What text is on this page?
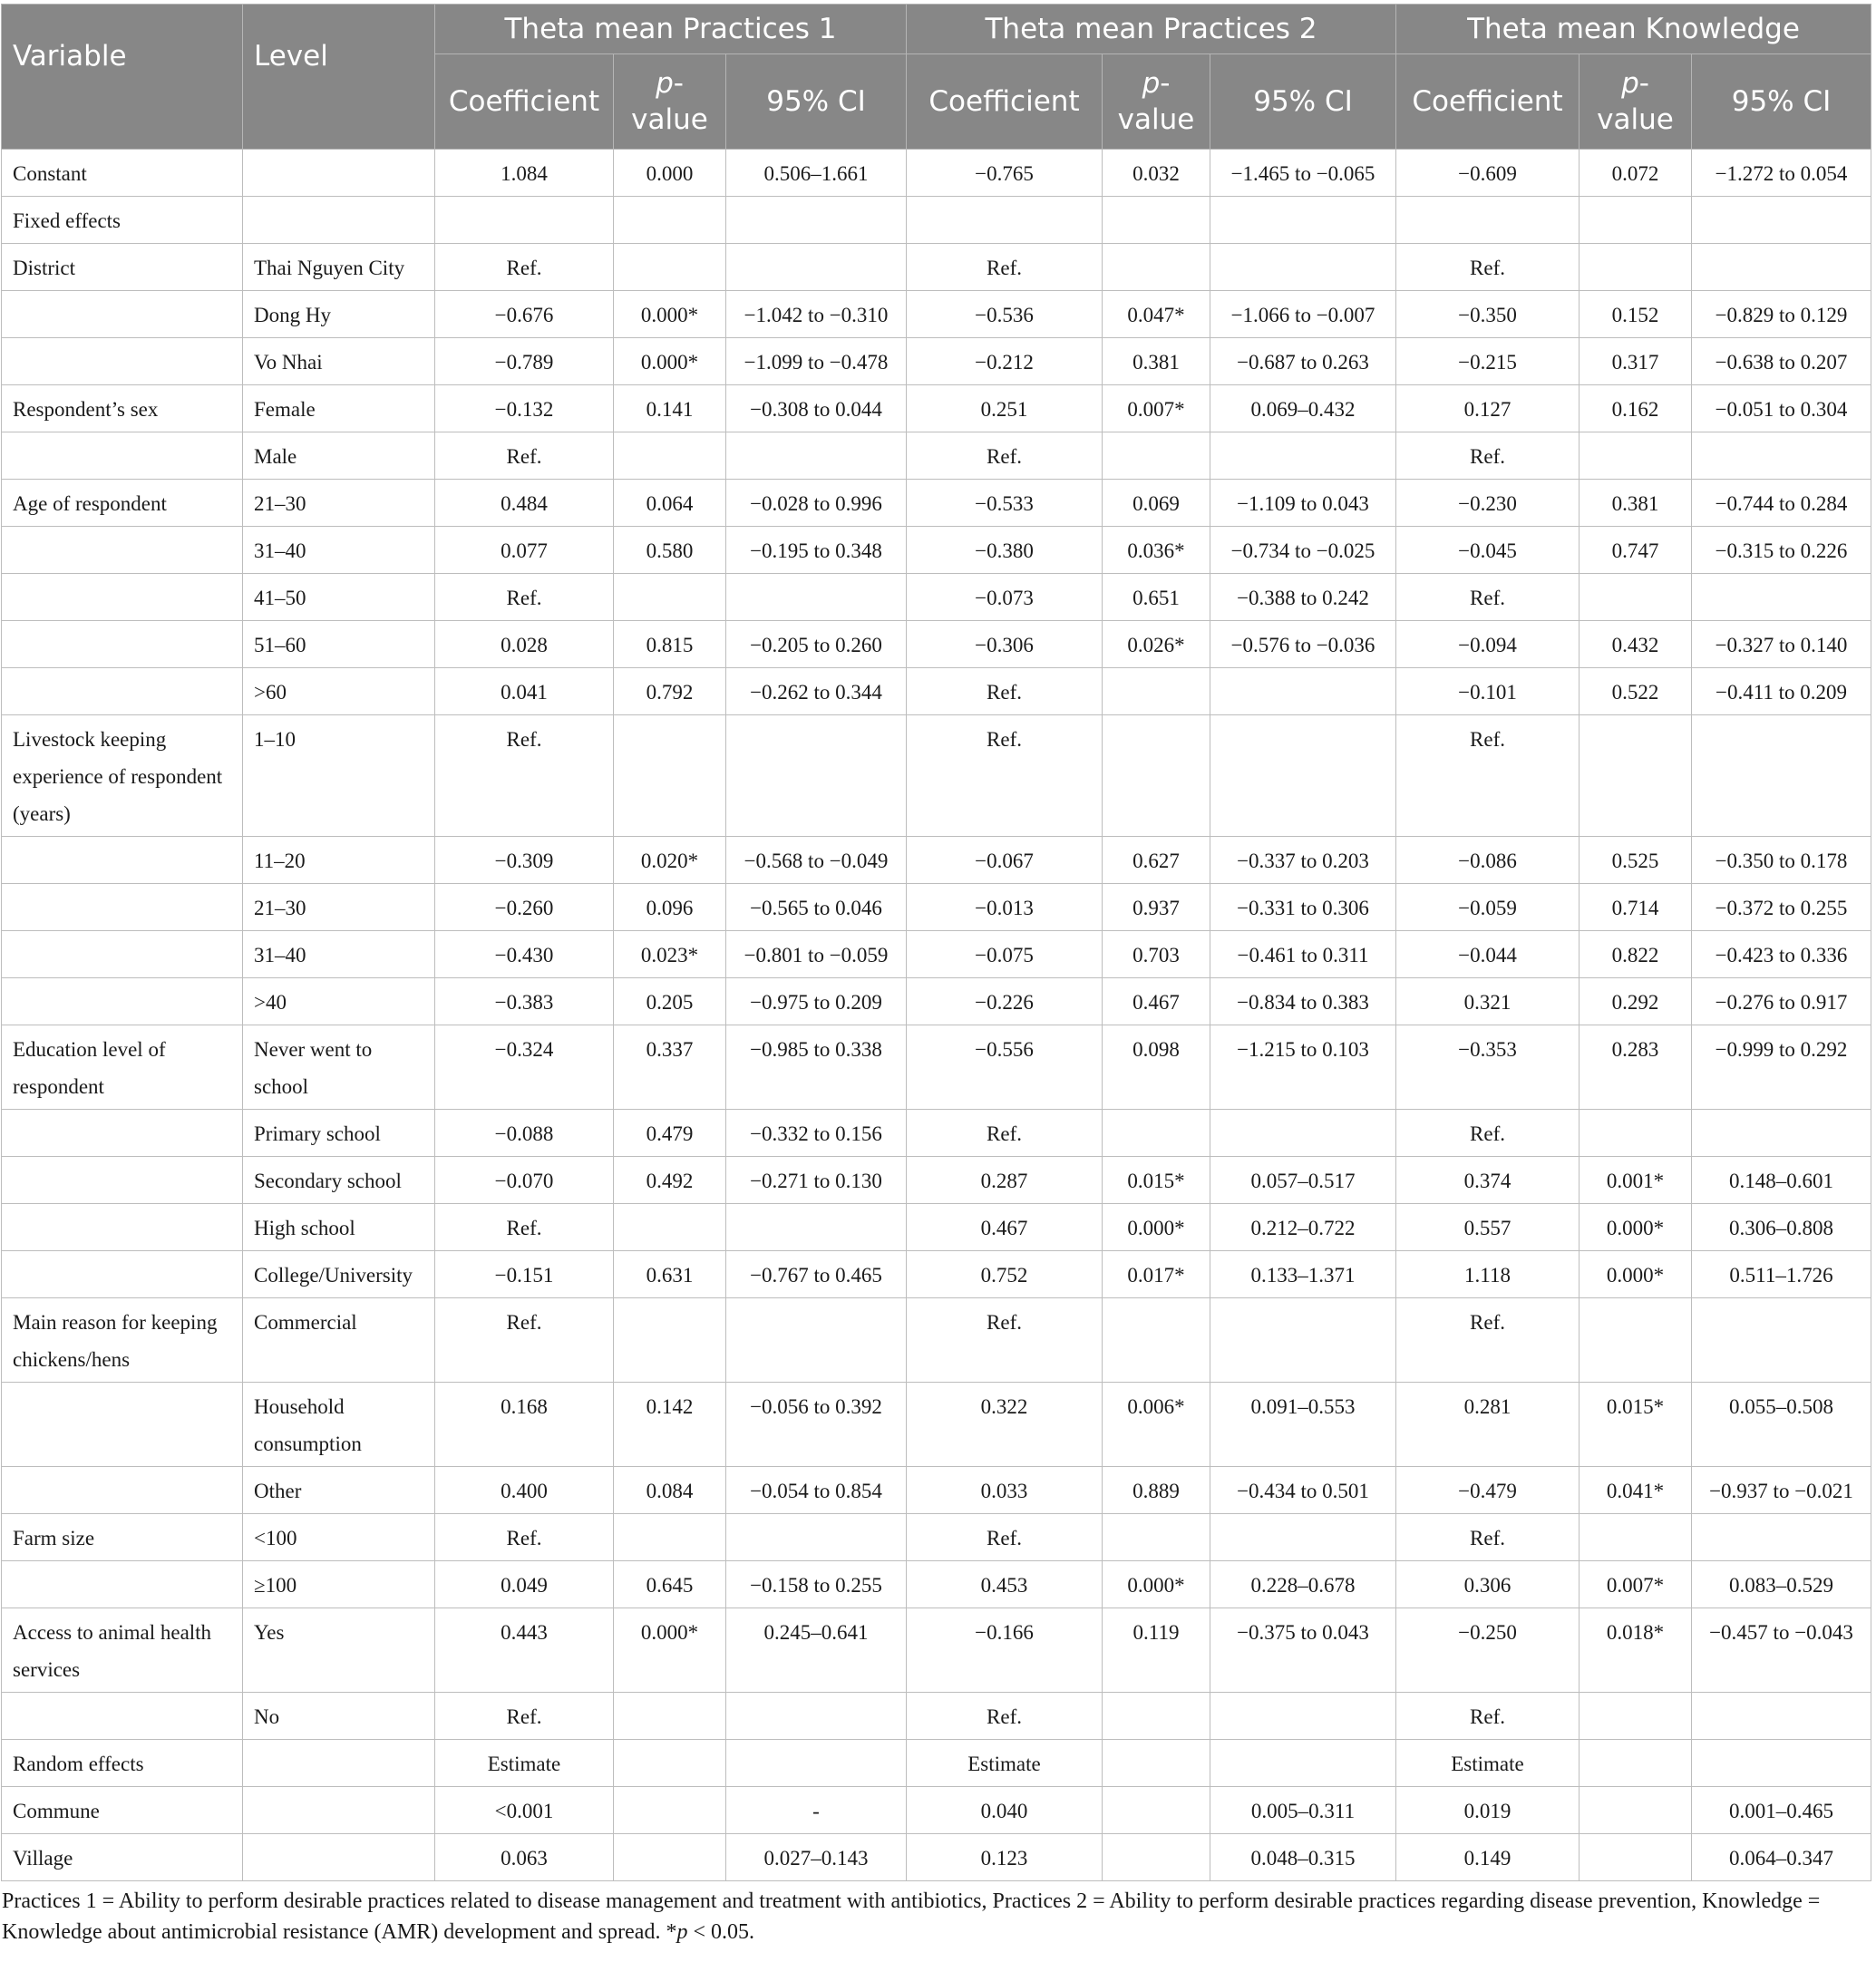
Variable	Level	Theta mean Practices 1			Theta mean Practices 2			Theta mean Knowledge		
		Coefficient	p-value	95% CI	Coefficient	p-value	95% CI	Coefficient	p-value	95% CI
Constant		1.084	0.000	0.506–1.661	−0.765	0.032	−1.465 to −0.065	−0.609	0.072	−1.272 to 0.054
Fixed effects										
District	Thai Nguyen City	Ref.			Ref.			Ref.		
	Dong Hy	−0.676	0.000*	−1.042 to −0.310	−0.536	0.047*	−1.066 to −0.007	−0.350	0.152	−0.829 to 0.129
	Vo Nhai	−0.789	0.000*	−1.099 to −0.478	−0.212	0.381	−0.687 to 0.263	−0.215	0.317	−0.638 to 0.207
Respondent’s sex	Female	−0.132	0.141	−0.308 to 0.044	0.251	0.007*	0.069–0.432	0.127	0.162	−0.051 to 0.304
	Male	Ref.			Ref.			Ref.		
Age of respondent	21–30	0.484	0.064	−0.028 to 0.996	−0.533	0.069	−1.109 to 0.043	−0.230	0.381	−0.744 to 0.284
	31–40	0.077	0.580	−0.195 to 0.348	−0.380	0.036*	−0.734 to −0.025	−0.045	0.747	−0.315 to 0.226
	41–50	Ref.			−0.073	0.651	−0.388 to 0.242	Ref.		
	51–60	0.028	0.815	−0.205 to 0.260	−0.306	0.026*	−0.576 to −0.036	−0.094	0.432	−0.327 to 0.140
	>60	0.041	0.792	−0.262 to 0.344	Ref.			−0.101	0.522	−0.411 to 0.209
Livestock keeping experience of respondent (years)	1–10	Ref.			Ref.			Ref.		
	11–20	−0.309	0.020*	−0.568 to −0.049	−0.067	0.627	−0.337 to 0.203	−0.086	0.525	−0.350 to 0.178
	21–30	−0.260	0.096	−0.565 to 0.046	−0.013	0.937	−0.331 to 0.306	−0.059	0.714	−0.372 to 0.255
	31–40	−0.430	0.023*	−0.801 to −0.059	−0.075	0.703	−0.461 to 0.311	−0.044	0.822	−0.423 to 0.336
	>40	−0.383	0.205	−0.975 to 0.209	−0.226	0.467	−0.834 to 0.383	0.321	0.292	−0.276 to 0.917
Education level of respondent	Never went to school	−0.324	0.337	−0.985 to 0.338	−0.556	0.098	−1.215 to 0.103	−0.353	0.283	−0.999 to 0.292
	Primary school	−0.088	0.479	−0.332 to 0.156	Ref.			Ref.		
	Secondary school	−0.070	0.492	−0.271 to 0.130	0.287	0.015*	0.057–0.517	0.374	0.001*	0.148–0.601
	High school	Ref.			0.467	0.000*	0.212–0.722	0.557	0.000*	0.306–0.808
	College/University	−0.151	0.631	−0.767 to 0.465	0.752	0.017*	0.133–1.371	1.118	0.000*	0.511–1.726
Main reason for keeping chickens/hens	Commercial	Ref.			Ref.			Ref.		
	Household consumption	0.168	0.142	−0.056 to 0.392	0.322	0.006*	0.091–0.553	0.281	0.015*	0.055–0.508
	Other	0.400	0.084	−0.054 to 0.854	0.033	0.889	−0.434 to 0.501	−0.479	0.041*	−0.937 to −0.021
Farm size	<100	Ref.			Ref.			Ref.		
	≥100	0.049	0.645	−0.158 to 0.255	0.453	0.000*	0.228–0.678	0.306	0.007*	0.083–0.529
Access to animal health services	Yes	0.443	0.000*	0.245–0.641	−0.166	0.119	−0.375 to 0.043	−0.250	0.018*	−0.457 to −0.043
	No	Ref.			Ref.			Ref.		
Random effects		Estimate			Estimate			Estimate		
Commune		<0.001		-	0.040		0.005–0.311	0.019		0.001–0.465
Village		0.063		0.027–0.143	0.123		0.048–0.315	0.149		0.064–0.347
Practices 1 = Ability to perform desirable practices related to disease management and treatment with antibiotics, Practices 2 = Ability to perform desirable practices regarding disease prevention, Knowledge = Knowledge about antimicrobial resistance (AMR) development and spread. *p < 0.05.
